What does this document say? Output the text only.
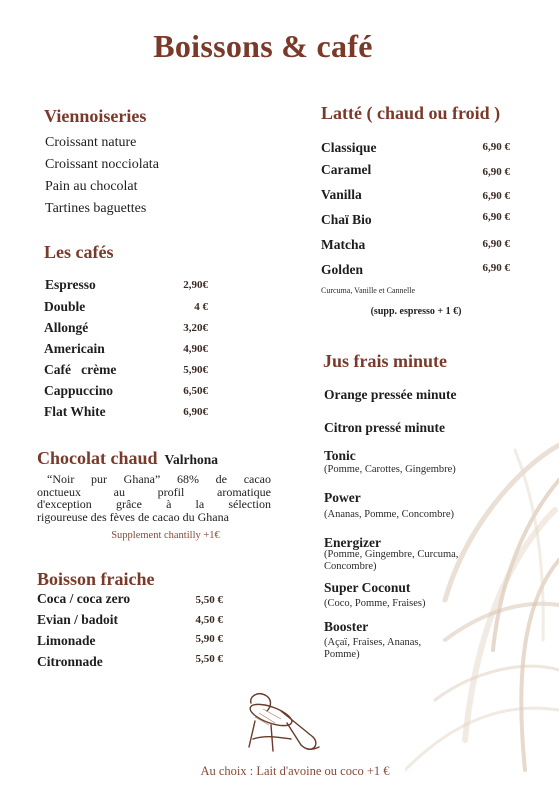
Boissons & café
Viennoiseries
Croissant nature
Croissant nocciolata
Pain au chocolat
Tartines baguettes
Les cafés
Espresso	2,90€
Double	4 €
Allongé	3,20€
Americain	4,90€
Café   crème	5,90€
Cappuccino	6,50€
Flat White	6,90€
Chocolat chaud Valrhona
“Noir pur Ghana” 68% de cacao
onctueux au profil aromatique
d'exception grâce à la sélection
rigoureuse des fèves de cacao du Ghana
Supplement chantilly +1€
Boisson fraiche
Coca / coca zero	5,50 €
Evian / badoit	4,50 €
Limonade	5,90 €
Citronnade	5,50 €
Latté ( chaud ou froid )
Classique	6,90 €
Caramel	6,90 €
Vanilla	6,90 €
Chaï Bio	6,90 €
Matcha	6,90 €
Golden	6,90 €
Curcuma, Vanille et Cannelle
(supp. espresso + 1 €)
Jus frais minute
Orange pressée minute
Citron pressé minute
Tonic
(Pomme, Carottes, Gingembre)
Power
(Ananas, Pomme, Concombre)
Energizer
(Pomme, Gingembre, Curcuma,
Concombre)
Super Coconut
(Coco, Pomme, Fraises)
Booster
(Açaï, Fraises, Ananas,
Pomme)
Au choix : Lait d'avoine ou coco +1 €
